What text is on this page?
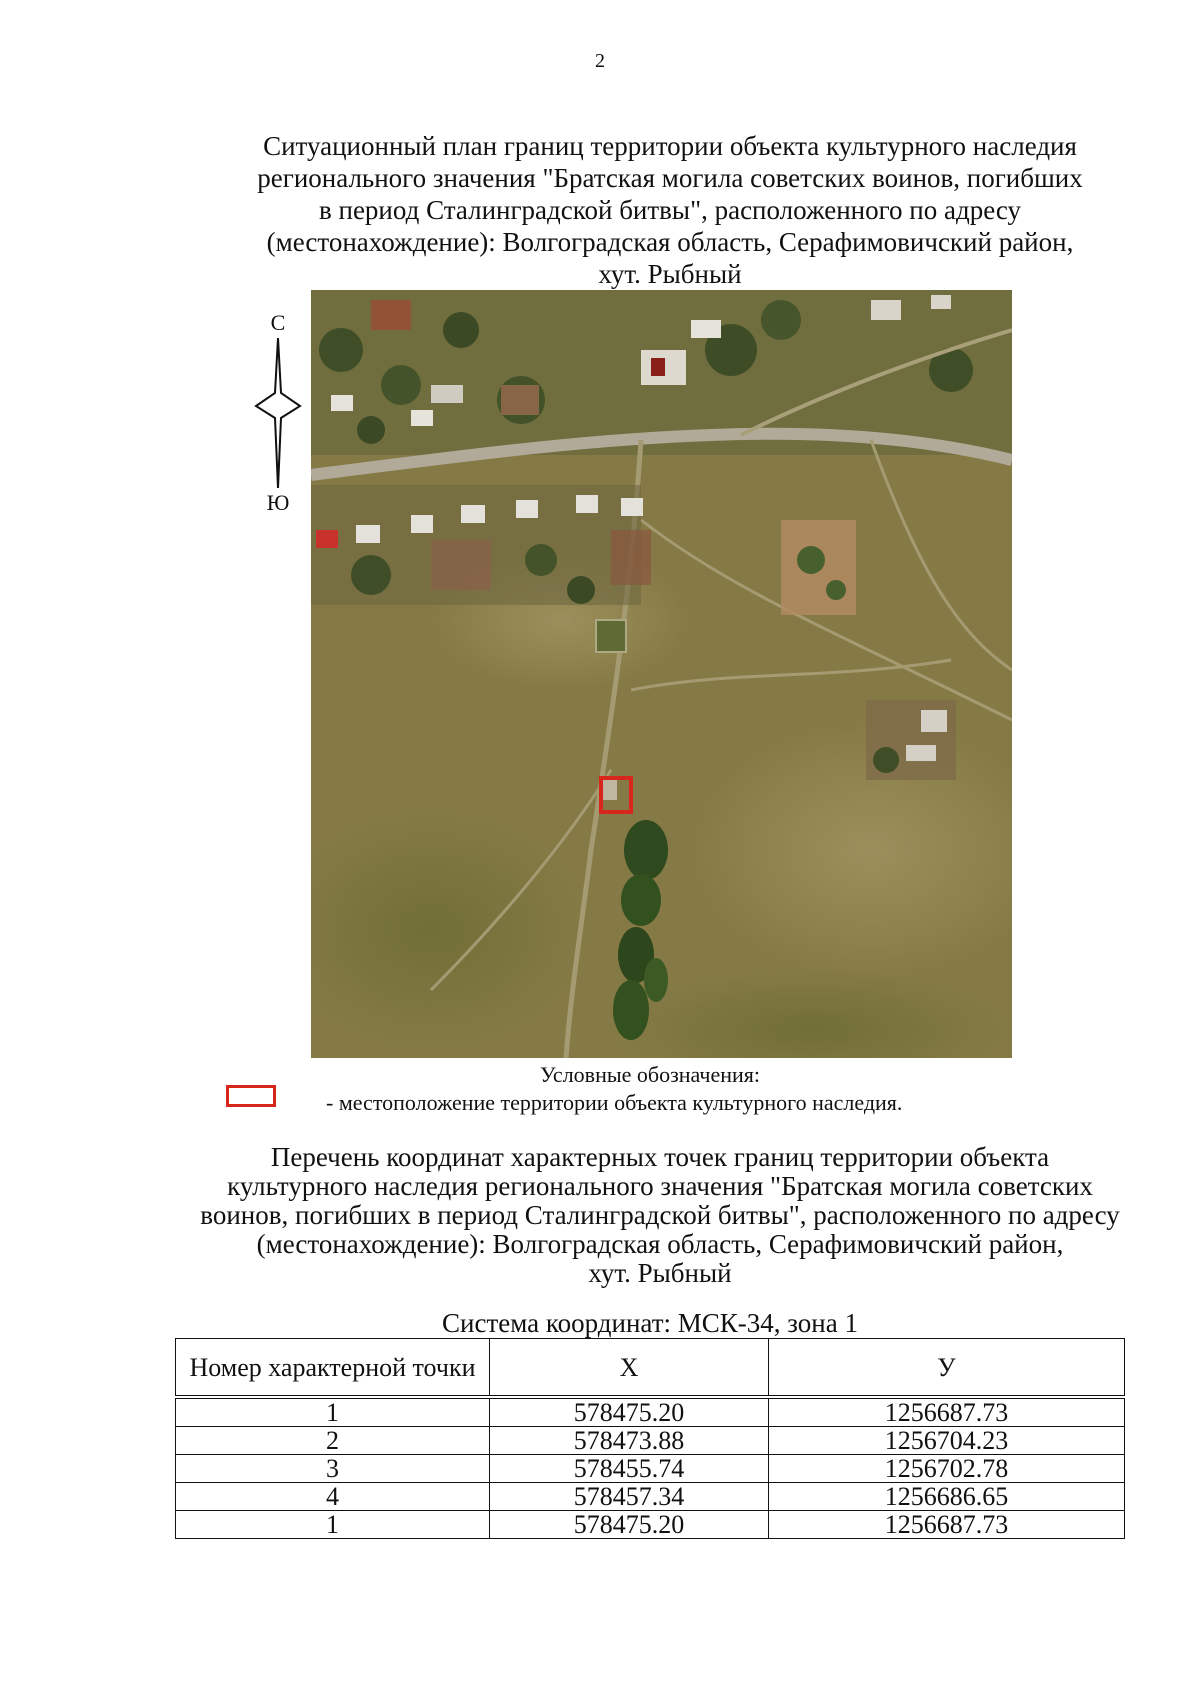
2
Ситуационный план границ территории объекта культурного наследия
регионального значения "Братская могила советских воинов, погибших
в период Сталинградской битвы", расположенного по адресу
(местонахождение): Волгоградская область, Серафимовичский район,
хут. Рыбный
С
Ю
Условные обозначения:
- местоположение территории объекта культурного наследия.
Перечень координат характерных точек границ территории объекта
культурного наследия регионального значения "Братская могила советских
воинов, погибших в период Сталинградской битвы", расположенного по адресу
(местонахождение): Волгоградская область, Серафимовичский район,
хут. Рыбный
Система координат: МСК-34, зона 1
Номер характерной точки	Х	У
1	578475.20	1256687.73
2	578473.88	1256704.23
3	578455.74	1256702.78
4	578457.34	1256686.65
1	578475.20	1256687.73
